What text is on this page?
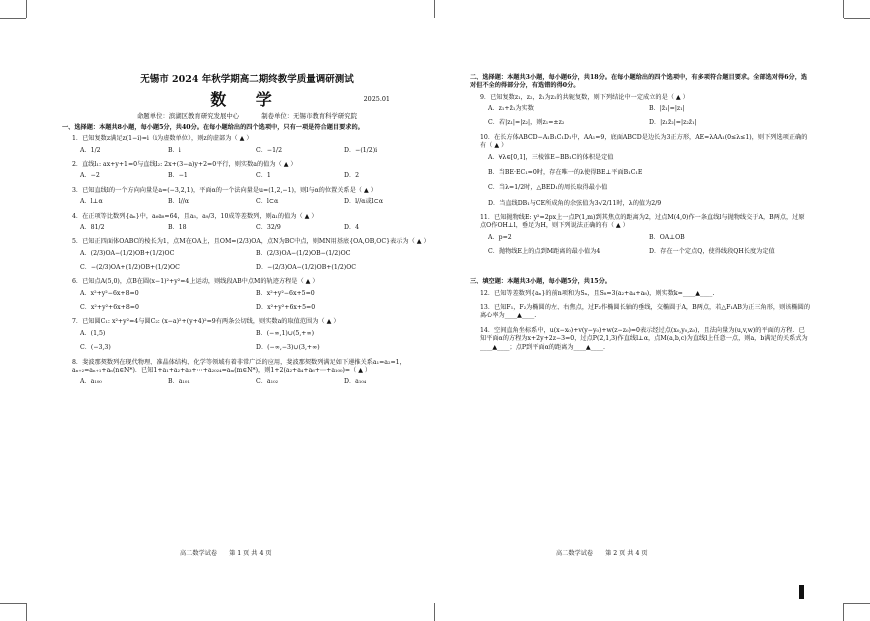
无锡市 2024 年秋学期高二期终教学质量调研测试
数 学	2025.01
命题单位：滨湖区教育研究发展中心	制卷单位：无锡市教育科学研究院
一、选择题：本题共8小题，每小题5分，共40分。在每小题给出的四个选项中，只有一项是符合题目要求的。
1．已知复数z满足z(1−i)=i（i为虚数单位），则z的虚部为（ ▲ ）
A．1/2	B．i	C．−1/2	D．−(1/2)i
2．直线l₁: ax+y+1=0与直线l₂: 2x+(3−a)y+2=0平行，则实数a的值为（ ▲ ）
A．−2	B．−1	C．1	D．2
3．已知直线l的一个方向向量是a=(−3,2,1)，平面α的一个法向量是u=(1,2,−1)，则l与α的位置关系是（ ▲ ）
A．l⊥α	B．l//α	C．l⊂α	D．l//α或l⊂α
4．在正项等比数列{aₙ}中，a₆a₈=64，且a₅，a₉/3，10成等差数列，则a₁的值为（ ▲ ）
A．81/2	B．18	C．32/9	D．4
5．已知正四面体OABC的棱长为1，点M在OA上，且OM=(2/3)OA，点N为BC中点，则MN用基底{OA,OB,OC}表示为（ ▲ ）
A．(2/3)OA−(1/2)OB+(1/2)OC	B．(2/3)OA−(1/2)OB−(1/2)OC
C．−(2/3)OA+(1/2)OB+(1/2)OC	D．−(2/3)OA−(1/2)OB+(1/2)OC
6．已知点A(5,0)，点B在圆(x−1)²+y²=4上运动，则线段AB中点M的轨迹方程是（ ▲ ）
A．x²+y²−6x+8=0	B．x²+y²−6x+5=0
C．x²+y²+6x+8=0	D．x²+y²+6x+5=0
7．已知圆C₁: x²+y²=4与圆C₂: (x−a)²+(y+4)²=9有两条公切线，则实数a的取值范围为（ ▲ ）
A．(1,5)	B．(−∞,1)∪(5,+∞)
C．(−3,3)	D．(−∞,−3)∪(3,+∞)
8．斐波那契数列在现代物理、准晶体结构、化学等领域有着非常广泛的应用，斐波那契数列满足如下递推关系a₁=a₂=1，aₙ₊₂=aₙ₊₁+aₙ(n∈N*)．已知1+a₁+a₂+a₃+⋯+a₂₀₂₄=aₘ(m∈N*)，则1+2(a₂+a₄+a₆+⋯+a₁₀₀)=（ ▲ ）
A．a₁₀₀	B．a₁₀₁	C．a₁₀₂	D．a₁₀₄
高二数学试卷 第 1 页 共 4 页
二、选择题：本题共3小题，每小题6分，共18分。在每小题给出的四个选项中，有多项符合题目要求。全部选对得6分，选对但不全的得部分分，有选错的得0分。
9．已知复数z₁，z₂，z̄₁为z₁的共轭复数，则下列结论中一定成立的是（ ▲ ）
A．z₁+z̄₁为实数	B．|z̄₁|=|z₁|
C．若|z₁|=|z₂|，则z₁=±z₂	D．|z₁z̄₂|=|z₂z̄₁|
10．在长方体ABCD−A₁B₁C₁D₁中，AA₁=9，底面ABCD是边长为3正方形，AE=λAA₁(0≤λ≤1)，则下列选项正确的有（ ▲ ）
A．∀λ∈[0,1]，三棱锥E−BB₁C的体积是定值
B．当BE·EC₁=0时，存在唯一的λ使得BE⊥平面B₁C₁E
C．当λ=1/2时，△BED₁的周长取得最小值
D．当直线DB₁与CE所成角的余弦值为3√2/11时，λ的值为2/9
11．已知抛物线E: y²=2px上一点P(1,m)到其焦点的距离为2，过点M(4,0)作一条直线l与抛物线交于A，B两点，过原点O作OH⊥l，垂足为H，则下列说法正确的有（ ▲ ）
A．p=2	B．OA⊥OB
C．抛物线E上的点到M距离的最小值为4	D．存在一个定点Q，使得线段QH长度为定值
三、填空题：本题共3小题，每小题5分，共15分。
12．已知等差数列{aₙ}的前n项和为Sₙ，且S₈=3(a₂+a₄+a₈)，则实数k=____▲____.
13．已知F₁，F₂为椭圆的左、右焦点，过F₂作椭圆长轴的垂线，交椭圆于A，B两点，若△F₁AB为正三角形，则该椭圆的离心率为____▲____.
14．空间直角坐标系中，u(x−x₀)+v(y−y₀)+w(z−z₀)=0表示经过点(x₀,y₀,z₀)，且法向量为(u,v,w)的平面的方程．已知平面α的方程为x+2y+2z−3=0，过点P(2,1,3)作直线l⊥α，点M(a,b,c)为直线l上任意一点，则a，b满足的关系式为____▲____；点P到平面α的距离为____▲____.
高二数学试卷 第 2 页 共 4 页
